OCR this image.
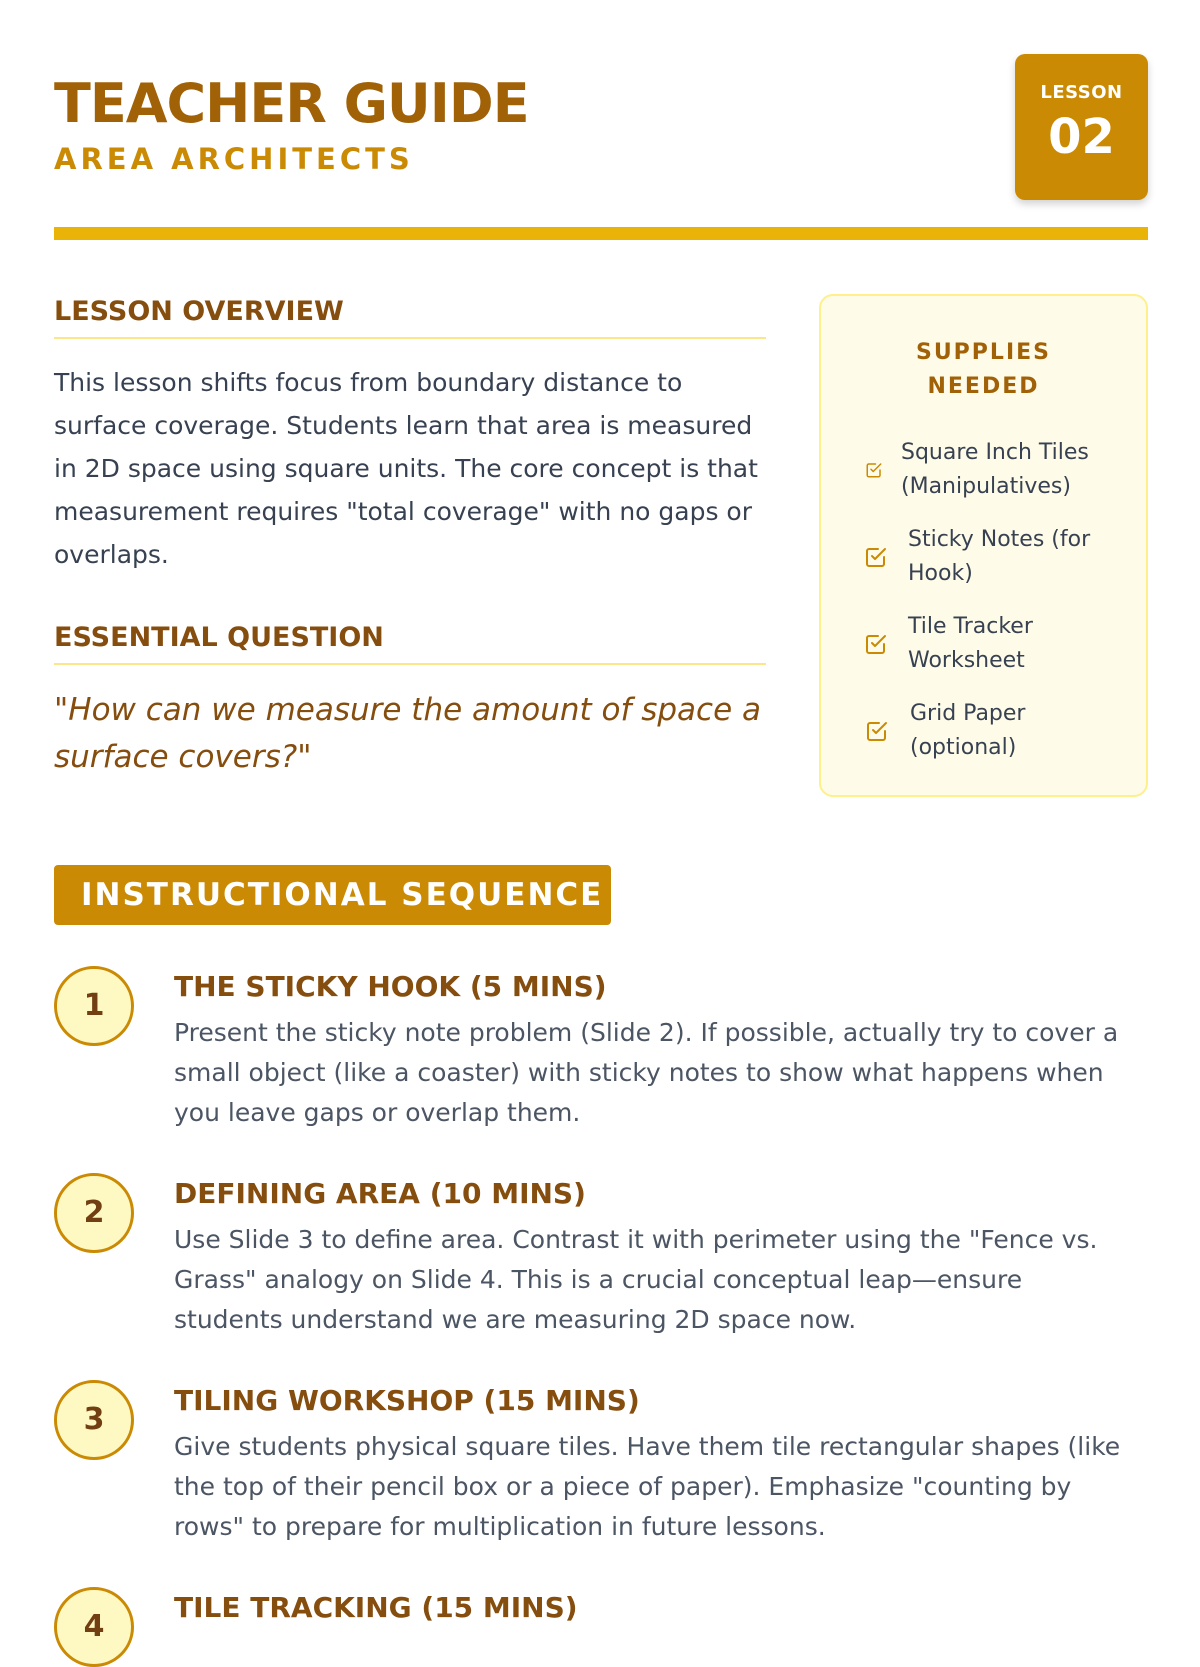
TEACHER GUIDE
AREA ARCHITECTS
LESSON
02
LESSON OVERVIEW

This lesson shifts focus from boundary distance to surface coverage. Students learn that area is measured in 2D space using square units. The core concept is that measurement requires "total coverage" with no gaps or overlaps.

ESSENTIAL QUESTION

"How can we measure the amount of space a surface covers?"

SUPPLIES
NEEDED
Square Inch Tiles (Manipulatives)
Sticky Notes (for Hook)
Tile Tracker Worksheet
Grid Paper (optional)
INSTRUCTIONAL SEQUENCE
1
THE STICKY HOOK (5 MINS)
Present the sticky note problem (Slide 2). If possible, actually try to cover a small object (like a coaster) with sticky notes to show what happens when you leave gaps or overlap them.
2
DEFINING AREA (10 MINS)
Use Slide 3 to define area. Contrast it with perimeter using the "Fence vs. Grass" analogy on Slide 4. This is a crucial conceptual leap—ensure students understand we are measuring 2D space now.
3
TILING WORKSHOP (15 MINS)
Give students physical square tiles. Have them tile rectangular shapes (like the top of their pencil box or a piece of paper). Emphasize "counting by rows" to prepare for multiplication in future lessons.
4
TILE TRACKING (15 MINS)
